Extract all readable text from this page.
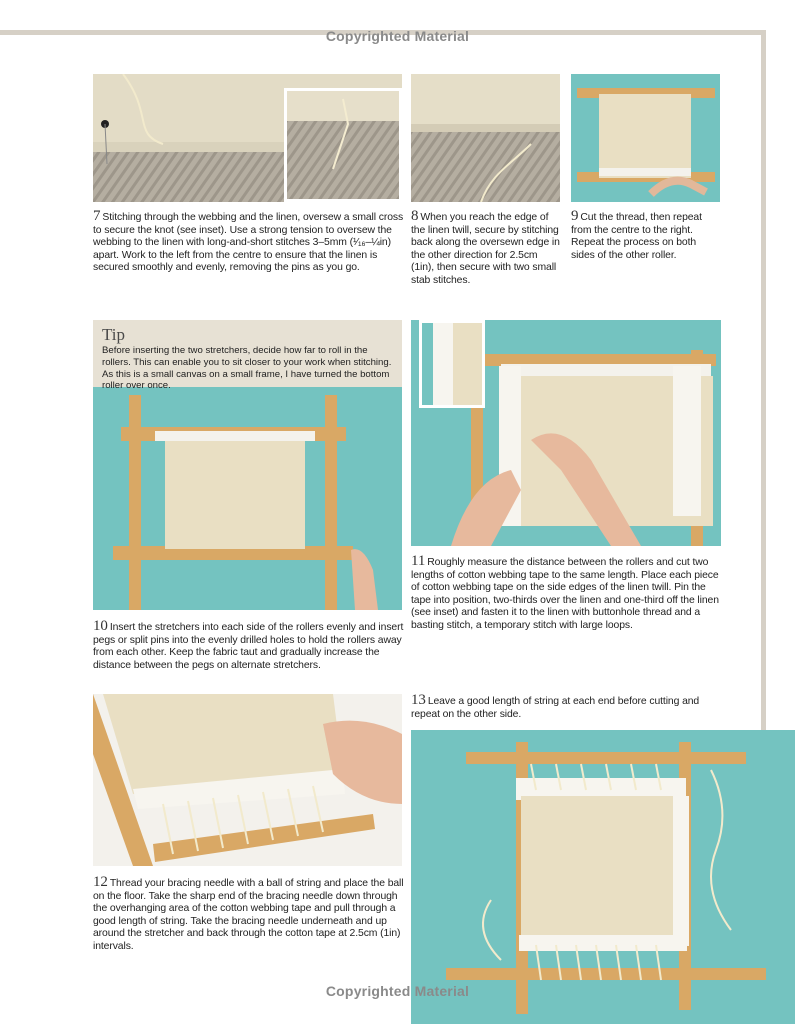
Copyrighted Material
7 Stitching through the webbing and the linen, oversew a small cross to secure the knot (see inset). Use a strong tension to oversew the webbing to the linen with long-and-short stitches 3–5mm (¹⁄₁₆–¼in) apart. Work to the left from the centre to ensure that the linen is secured smoothly and evenly, removing the pins as you go.
8 When you reach the edge of the linen twill, secure by stitching back along the oversewn edge in the other direction for 2.5cm (1in), then secure with two small stab stitches.
9 Cut the thread, then repeat from the centre to the right. Repeat the process on both sides of the other roller.
Tip
Before inserting the two stretchers, decide how far to roll in the rollers. This can enable you to sit closer to your work when stitching. As this is a small canvas on a small frame, I have turned the bottom roller over once.
11 Roughly measure the distance between the rollers and cut two lengths of cotton webbing tape to the same length. Place each piece of cotton webbing tape on the side edges of the linen twill. Pin the tape into position, two-thirds over the linen and one-third off the linen (see inset) and fasten it to the linen with buttonhole thread and a basting stitch, a temporary stitch with large loops.
10 Insert the stretchers into each side of the rollers evenly and insert pegs or split pins into the evenly drilled holes to hold the rollers away from each other. Keep the fabric taut and gradually increase the distance between the pegs on alternate stretchers.
13 Leave a good length of string at each end before cutting and repeat on the other side.
12 Thread your bracing needle with a ball of string and place the ball on the floor. Take the sharp end of the bracing needle down through the overhanging area of the cotton webbing tape and pull through a good length of string. Take the bracing needle underneath and up around the stretcher and back through the cotton tape at 2.5cm (1in) intervals.
Copyrighted Material
